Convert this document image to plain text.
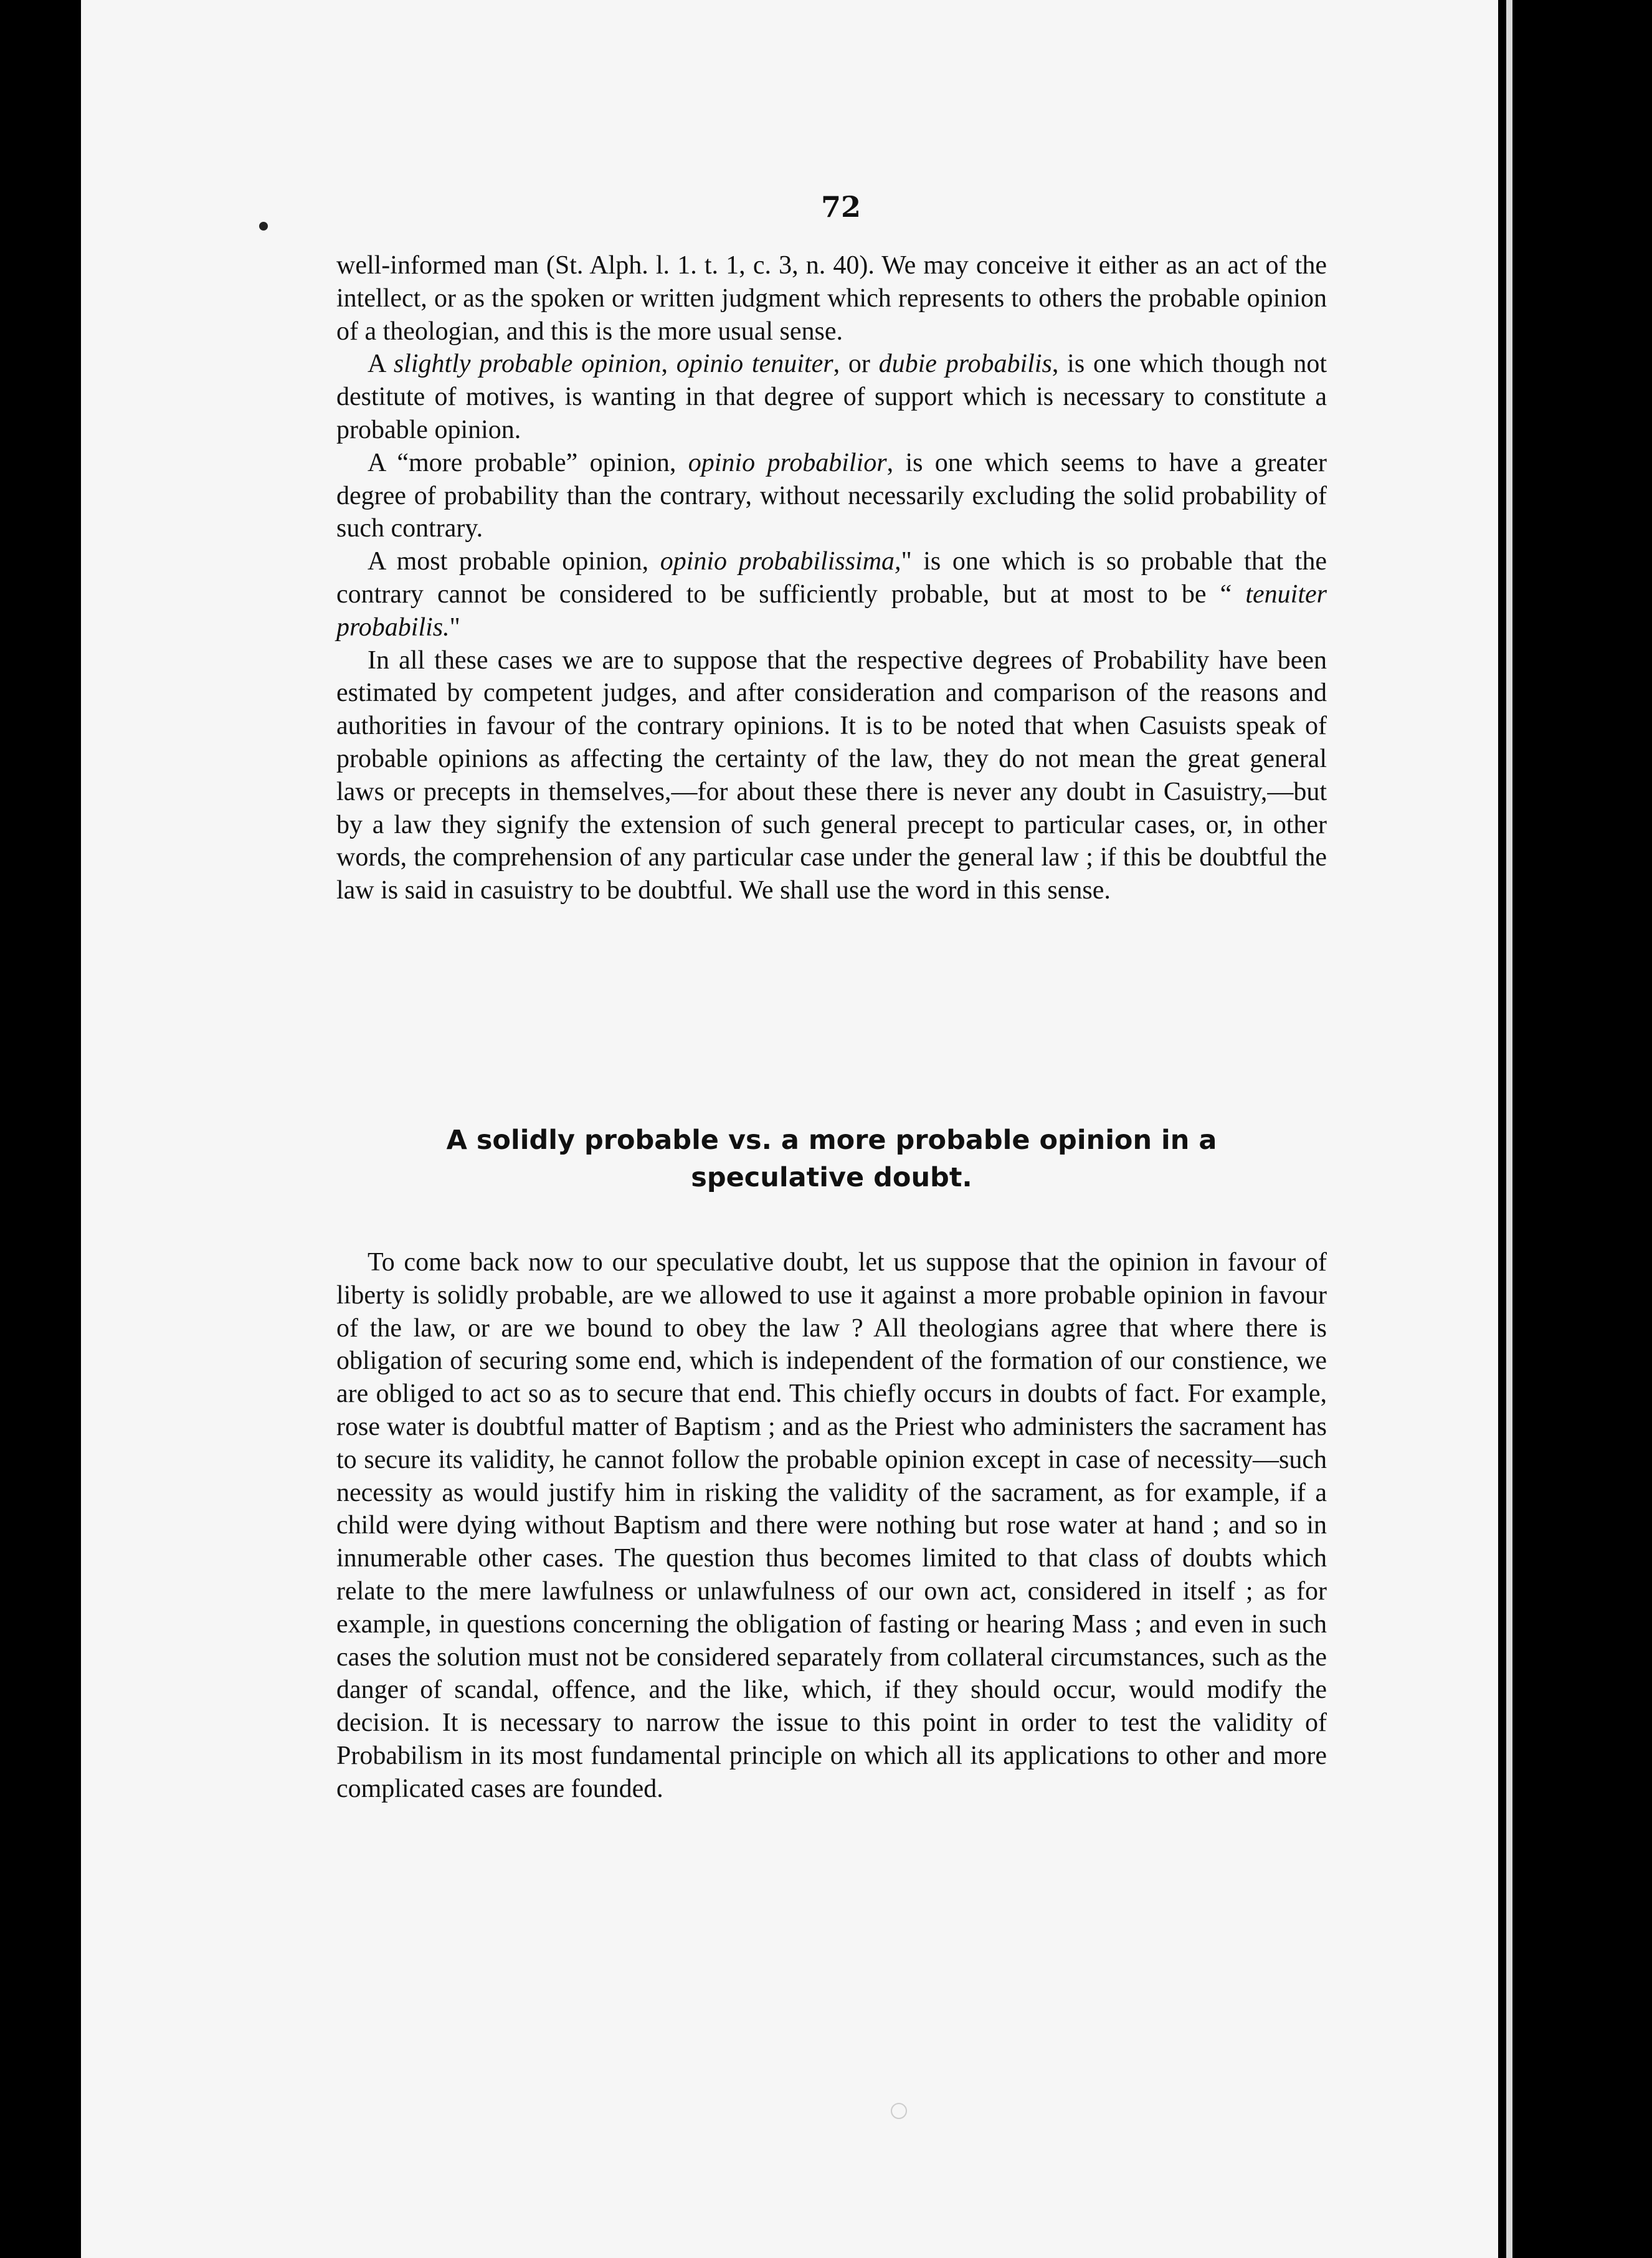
72

well-informed man (St. Alph. l. 1. t. 1, c. 3, n. 40). We may conceive it either as an act of the intellect, or as the spoken or written judgment which represents to others the probable opinion of a theologian, and this is the more usual sense.

A slightly probable opinion, opinio tenuiter, or dubie probabilis, is one which though not destitute of motives, is wanting in that degree of support which is necessary to constitute a probable opinion.

A “more probable” opinion, opinio probabilior, is one which seems to have a greater degree of probability than the contrary, without necessarily excluding the solid probability of such contrary.

A most probable opinion, opinio probabilissima," is one which is so probable that the contrary cannot be considered to be sufficiently probable, but at most to be “ tenuiter probabilis."

In all these cases we are to suppose that the respective degrees of Probability have been estimated by competent judges, and after consideration and comparison of the reasons and authorities in favour of the contrary opinions. It is to be noted that when Casuists speak of probable opinions as affecting the certainty of the law, they do not mean the great general laws or precepts in themselves,—for about these there is never any doubt in Casuistry,—but by a law they signify the extension of such general precept to particular cases, or, in other words, the comprehension of any particular case under the general law ; if this be doubtful the law is said in casuistry to be doubtful. We shall use the word in this sense.

A solidly probable vs. a more probable opinion in a
speculative doubt.

To come back now to our speculative doubt, let us suppose that the opinion in favour of liberty is solidly probable, are we allowed to use it against a more probable opinion in favour of the law, or are we bound to obey the law ? All theologians agree that where there is obligation of securing some end, which is independent of the formation of our constience, we are obliged to act so as to secure that end. This chiefly occurs in doubts of fact. For example, rose water is doubtful matter of Baptism ; and as the Priest who administers the sacrament has to secure its validity, he cannot follow the probable opinion except in case of necessity—such necessity as would justify him in risking the validity of the sacrament, as for example, if a child were dying without Baptism and there were nothing but rose water at hand ; and so in innumerable other cases. The question thus becomes limited to that class of doubts which relate to the mere lawfulness or unlawfulness of our own act, considered in itself ; as for example, in questions concerning the obligation of fasting or hearing Mass ; and even in such cases the solution must not be considered separately from collateral circumstances, such as the danger of scandal, offence, and the like, which, if they should occur, would modify the decision. It is necessary to narrow the issue to this point in order to test the validity of Probabilism in its most fundamental principle on which all its applications to other and more complicated cases are founded.
